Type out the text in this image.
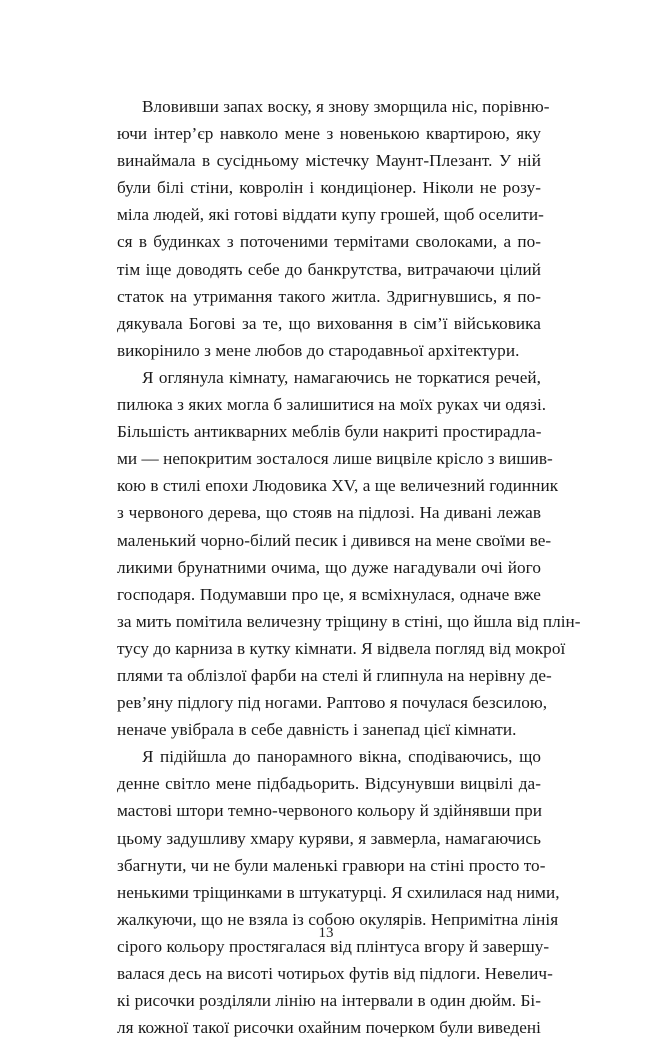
Вловивши запах воску, я знову зморщила ніс, порівню-
ючи інтер’єр навколо мене з новенькою квартирою, яку
винаймала в сусідньому містечку Маунт-Плезант. У ній
були білі стіни, ковролін і кондиціонер. Ніколи не розу-
міла людей, які готові віддати купу грошей, щоб оселити-
ся в будинках з поточеними термітами сволоками, а по-
тім іще доводять себе до банкрутства, витрачаючи цілий
статок на утримання такого житла. Здригнувшись, я по-
дякувала Богові за те, що виховання в сім’ї військовика
викорінило з мене любов до стародавньої архітектури.
Я оглянула кімнату, намагаючись не торкатися речей,
пилюка з яких могла б залишитися на моїх руках чи одязі.
Більшість антикварних меблів були накриті простирадла-
ми — непокритим зосталося лише вицвіле крісло з вишив-
кою в стилі епохи Людовика XV, а ще величезний годинник
з червоного дерева, що стояв на підлозі. На дивані лежав
маленький чорно-білий песик і дивився на мене своїми ве-
ликими брунатними очима, що дуже нагадували очі його
господаря. Подумавши про це, я всміхнулася, одначе вже
за мить помітила величезну тріщину в стіні, що йшла від плін-
тусу до карниза в кутку кімнати. Я відвела погляд від мокрої
плями та облізлої фарби на стелі й глипнула на нерівну де-
рев’яну підлогу під ногами. Раптово я почулася безсилою,
неначе увібрала в себе давність і занепад цієї кімнати.
Я підійшла до панорамного вікна, сподіваючись, що
денне світло мене підбадьорить. Відсунувши вицвілі да-
мастові штори темно-червоного кольору й здійнявши при
цьому задушливу хмару куряви, я завмерла, намагаючись
збагнути, чи не були маленькі гравюри на стіні просто то-
ненькими тріщинками в штукатурці. Я схилилася над ними,
жалкуючи, що не взяла із собою окулярів. Непримітна лінія
сірого кольору простягалася від плінтуса вгору й завершу-
валася десь на висоті чотирьох футів від підлоги. Невелич-
кі рисочки розділяли лінію на інтервали в один дюйм. Бі-
ля кожної такої рисочки охайним почерком були виведені
13
